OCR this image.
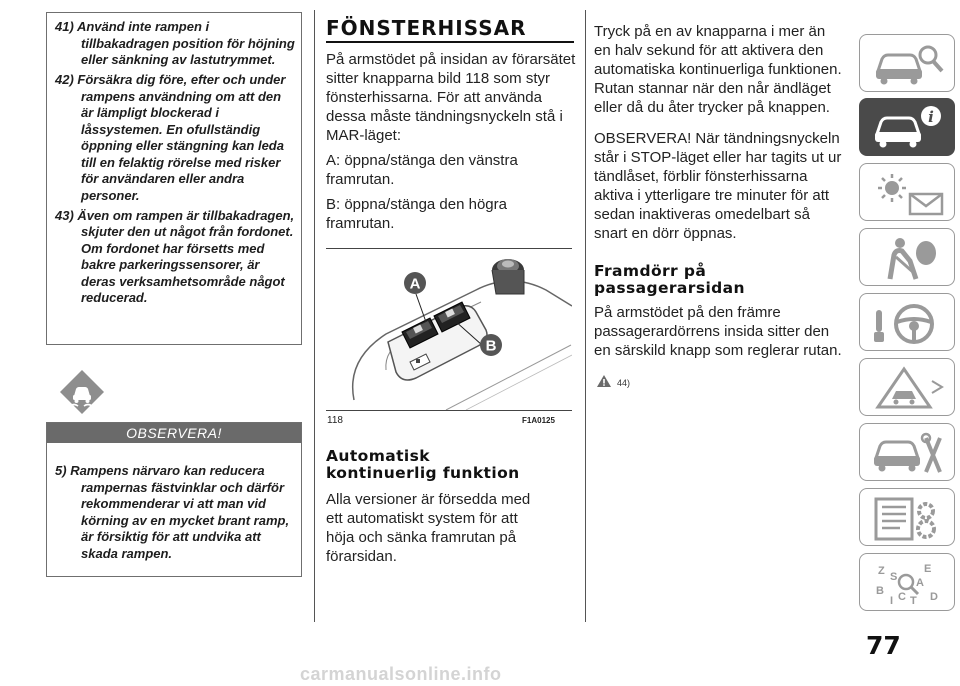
41) Använd inte rampen i tillbakadragen position för höjning eller sänkning av lastutrymmet.

42) Försäkra dig före, efter och under rampens användning om att den är lämpligt blockerad i låssystemen. En ofullständig öppning eller stängning kan leda till en felaktig rörelse med risker för användaren eller andra personer.

43) Även om rampen är tillbakadragen, skjuter den ut något från fordonet. Om fordonet har försetts med bakre parkeringssensorer, är deras verksamhetsområde något reducerad.

OBSERVERA!

5) Rampens närvaro kan reducera rampernas fästvinklar och därför rekommenderar vi att man vid körning av en mycket brant ramp, är försiktig för att undvika att skada rampen.

FÖNSTERHISSAR

På armstödet på insidan av förarsätet sitter knapparna bild 118 som styr fönsterhissarna. För att använda dessa måste tändningsnyckeln stå i MAR-läget:

A: öppna/stänga den vänstra framrutan.

B: öppna/stänga den högra framrutan.

A
B
118	F1A0125
Automatisk kontinuerlig funktion

Alla versioner är försedda med ett automatiskt system för att höja och sänka framrutan på förarsidan.

Tryck på en av knapparna i mer än en halv sekund för att aktivera den automatiska kontinuerliga funktionen. Rutan stannar när den når ändläget eller då du åter trycker på knappen.

OBSERVERA! När tändningsnyckeln står i STOP-läget eller har tagits ut ur tändlåset, förblir fönsterhissarna aktiva i ytterligare tre minuter för att sedan inaktiveras omedelbart så snart en dörr öppnas.

Framdörr på passagerarsidan

På armstödet på den främre passagerardörrens insida sitter den en särskild knapp som reglerar rutan.

44)
i
Z	E
S A
B
I C T D
77
carmanualsonline.info
